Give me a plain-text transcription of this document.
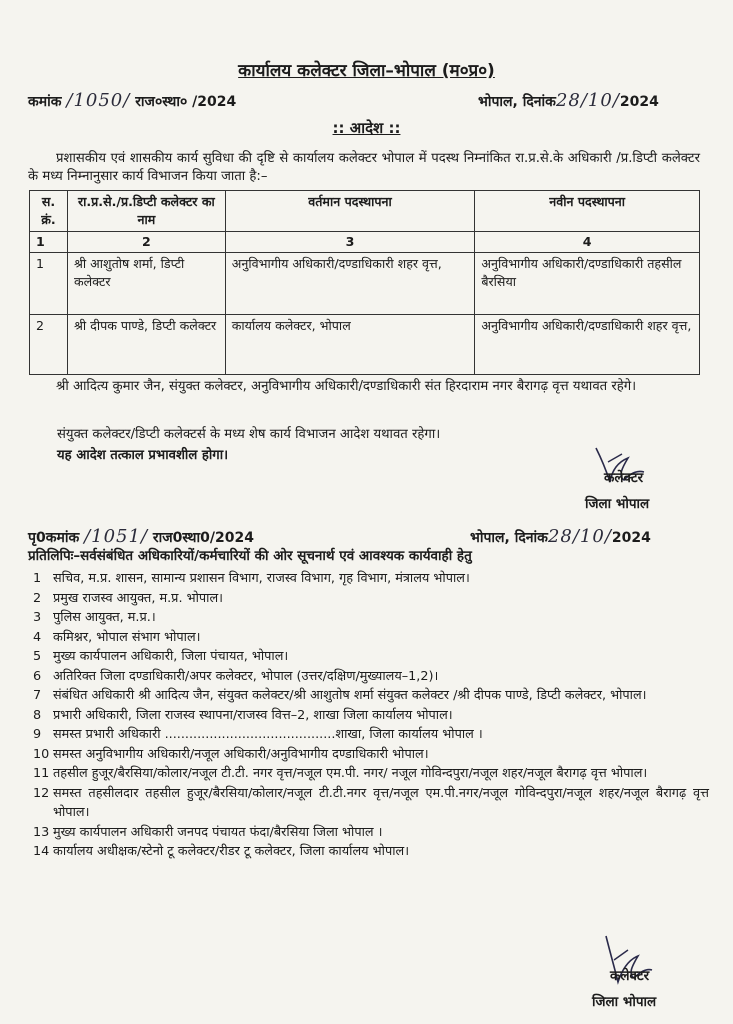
कार्यालय कलेक्टर जिला–भोपाल (म०प्र०)
कमांक /1050/ राज०स्था० /2024	भोपाल, दिनांक28/10/2024
:: आदेश ::
प्रशासकीय एवं शासकीय कार्य सुविधा की दृष्टि से कार्यालय कलेक्टर भोपाल में पदस्थ निम्नांकित रा.प्र.से.के अधिकारी /प्र.डिप्टी कलेक्टर के मध्य निम्नानुसार कार्य विभाजन किया जाता है:–
स. क्रं.	रा.प्र.से./प्र.डिप्टी कलेक्टर का नाम	वर्तमान पदस्थापना	नवीन पदस्थापना
1	2	3	4
1	श्री आशुतोष शर्मा, डिप्टी कलेक्टर	अनुविभागीय अधिकारी/दण्डाधिकारी शहर वृत्त,	अनुविभागीय अधिकारी/दण्डाधिकारी तहसील बैरसिया
2	श्री दीपक पाण्डे, डिप्टी कलेक्टर	कार्यालय कलेक्टर, भोपाल	अनुविभागीय अधिकारी/दण्डाधिकारी शहर वृत्त,
श्री आदित्य कुमार जैन, संयुक्त कलेक्टर, अनुविभागीय अधिकारी/दण्डाधिकारी संत हिरदाराम नगर बैरागढ़ वृत्त यथावत रहेगे।
संयुक्त कलेक्टर/डिप्टी कलेक्टर्स के मध्य शेष कार्य विभाजन आदेश यथावत रहेगा।
यह आदेश तत्काल प्रभावशील होगा।
कलेक्टर
जिला भोपाल
पृ0कमांक /1051/ राज0स्था0/2024	भोपाल, दिनांक28/10/2024
प्रतिलिपिः–सर्वसंबंधित अधिकारियों/कर्मचारियों की ओर सूचनार्थ एवं आवश्यक कार्यवाही हेतु
1 सचिव, म.प्र. शासन, सामान्य प्रशासन विभाग, राजस्व विभाग, गृह विभाग, मंत्रालय भोपाल।
2 प्रमुख राजस्व आयुक्त, म.प्र. भोपाल।
3 पुलिस आयुक्त, म.प्र.।
4 कमिश्नर, भोपाल संभाग भोपाल।
5 मुख्य कार्यपालन अधिकारी, जिला पंचायत, भोपाल।
6 अतिरिक्त जिला दण्डाधिकारी/अपर कलेक्टर, भोपाल (उत्तर/दक्षिण/मुख्यालय–1,2)।
7 संबंधित अधिकारी श्री आदित्य जैन, संयुक्त कलेक्टर/श्री आशुतोष शर्मा संयुक्त कलेक्टर /श्री दीपक पाण्डे, डिप्टी कलेक्टर, भोपाल।
8 प्रभारी अधिकारी, जिला राजस्व स्थापना/राजस्व वित्त–2, शाखा जिला कार्यालय भोपाल।
9 समस्त प्रभारी अधिकारी ..........................................शाखा, जिला कार्यालय भोपाल ।
10 समस्त अनुविभागीय अधिकारी/नजूल अधिकारी/अनुविभागीय दण्डाधिकारी भोपाल।
11 तहसील हुजूर/बैरसिया/कोलार/नजूल टी.टी. नगर वृत्त/नजूल एम.पी. नगर/ नजूल गोविन्दपुरा/नजूल शहर/नजूल बैरागढ़ वृत्त भोपाल।
12 समस्त तहसीलदार तहसील हुजूर/बैरसिया/कोलार/नजूल टी.टी.नगर वृत्त/नजूल एम.पी.नगर/नजूल गोविन्दपुरा/नजूल शहर/नजूल बैरागढ़ वृत्त भोपाल।
13 मुख्य कार्यपालन अधिकारी जनपद पंचायत फंदा/बैरसिया जिला भोपाल ।
14 कार्यालय अधीक्षक/स्टेनो टू कलेक्टर/रीडर टू कलेक्टर, जिला कार्यालय भोपाल।
कलेक्टर
जिला भोपाल
